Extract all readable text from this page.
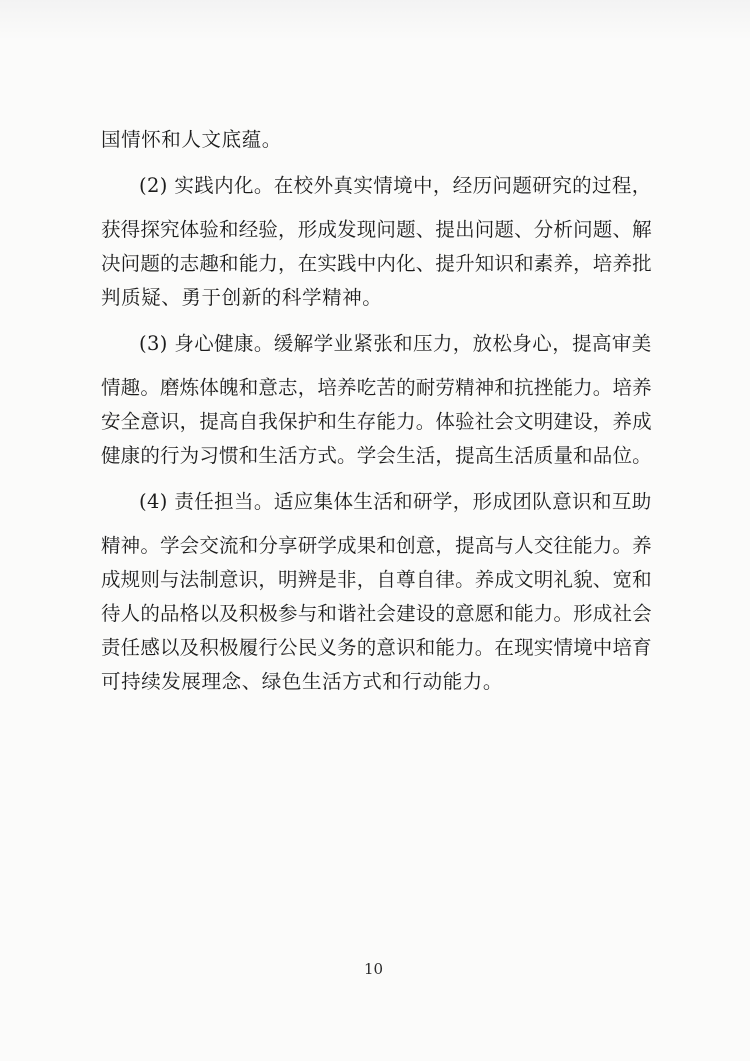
国情怀和人文底蕴。
(2) 实践内化。在校外真实情境中，经历问题研究的过程，
获得探究体验和经验，形成发现问题、提出问题、分析问题、解
决问题的志趣和能力，在实践中内化、提升知识和素养，培养批
判质疑、勇于创新的科学精神。
(3) 身心健康。缓解学业紧张和压力，放松身心，提高审美
情趣。磨炼体魄和意志，培养吃苦的耐劳精神和抗挫能力。培养
安全意识，提高自我保护和生存能力。体验社会文明建设，养成
健康的行为习惯和生活方式。学会生活，提高生活质量和品位。
(4) 责任担当。适应集体生活和研学，形成团队意识和互助
精神。学会交流和分享研学成果和创意，提高与人交往能力。养
成规则与法制意识，明辨是非，自尊自律。养成文明礼貌、宽和
待人的品格以及积极参与和谐社会建设的意愿和能力。形成社会
责任感以及积极履行公民义务的意识和能力。在现实情境中培育
可持续发展理念、绿色生活方式和行动能力。
10
